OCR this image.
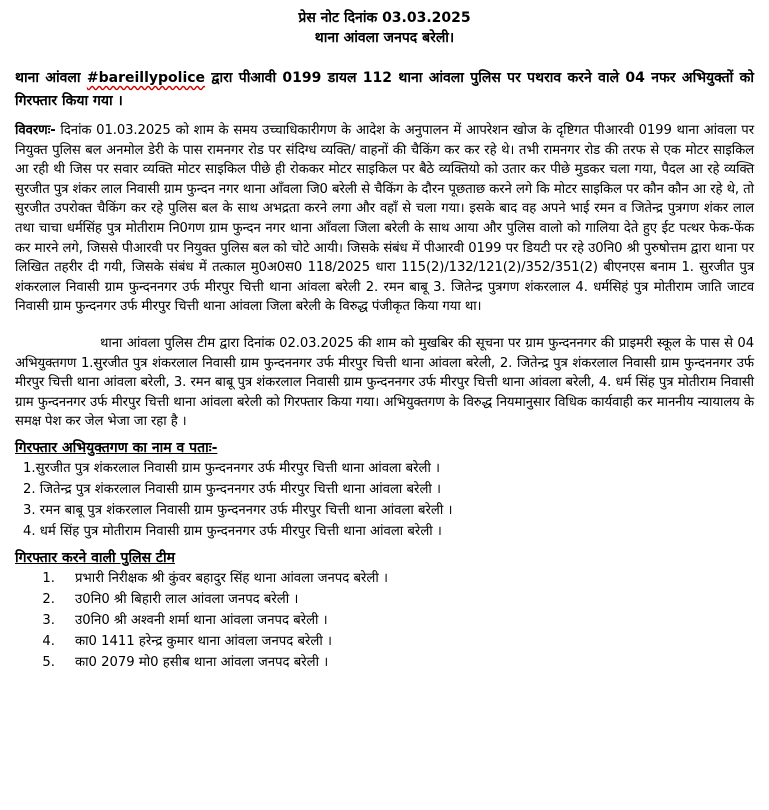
प्रेस नोट दिनांक 03.03.2025
थाना आंवला जनपद बरेली।
थाना आंवला #bareillypolice द्वारा पीआवी 0199 डायल 112 थाना आंवला पुलिस पर पथराव करने वाले 04 नफर अभियुक्तों को गिरफ्तार किया गया ।
विवरणः- दिनांक 01.03.2025 को शाम के समय उच्चाधिकारीगण के आदेश के अनुपालन में आपरेशन खोज के दृष्टिगत पीआरवी 0199 थाना आंवला पर नियुक्त पुलिस बल अनमोल डेरी के पास रामनगर रोड पर संदिग्ध व्यक्ति/ वाहनों की चैकिंग कर कर रहे थे। तभी रामनगर रोड की तरफ से एक मोटर साइकिल आ रही थी जिस पर सवार व्यक्ति मोटर साइकिल पीछे ही रोककर मोटर साइकिल पर बैठे व्यक्तियो को उतार कर पीछे मुडकर चला गया, पैदल आ रहे व्यक्ति सुरजीत पुत्र शंकर लाल निवासी ग्राम फुन्दन नगर थाना आँवला जि0 बरेली से चैकिंग के दौरन पूछताछ करने लगे कि मोटर साइकिल पर कौन कौन आ रहे थे, तो सुरजीत उपरोक्त चैकिंग कर रहे पुलिस बल के साथ अभद्रता करने लगा और वहाँ से चला गया। इसके बाद वह अपने भाई रमन व जितेन्द्र पुत्रगण शंकर लाल तथा चाचा धर्मसिंह पुत्र मोतीराम नि0गण ग्राम फुन्दन नगर थाना आँवला जिला बरेली के साथ आया और पुलिस वालो को गालिया देते हुए ईट पत्थर फेक-फेंक कर मारने लगे, जिससे पीआरवी पर नियुक्त पुलिस बल को चोटे आयी। जिसके संबंध में पीआरवी 0199 पर डियटी पर रहे उ0नि0 श्री पुरुषोत्तम द्वारा थाना पर लिखित तहरीर दी गयी, जिसके संबंध में तत्काल मु0अ0स0 118/2025 धारा 115(2)/132/121(2)/352/351(2) बीएनएस बनाम 1. सुरजीत पुत्र शंकरलाल निवासी ग्राम फुन्दननगर उर्फ मीरपुर चित्ती थाना आंवला बरेली 2. रमन बाबू 3. जितेन्द्र पुत्रगण शंकरलाल 4. धर्मसिहं पुत्र मोतीराम जाति जाटव निवासी ग्राम फुन्दनगर उर्फ मीरपुर चित्ती थाना आंवला जिला बरेली के विरुद्ध पंजीकृत किया गया था।
थाना आंवला पुलिस टीम द्वारा दिनांक 02.03.2025 की शाम को मुखबिर की सूचना पर ग्राम फुन्दननगर की प्राइमरी स्कूल के पास से 04 अभियुक्तगण 1.सुरजीत पुत्र शंकरलाल निवासी ग्राम फुन्दननगर उर्फ मीरपुर चित्ती थाना आंवला बरेली, 2. जितेन्द्र पुत्र शंकरलाल निवासी ग्राम फुन्दननगर उर्फ मीरपुर चित्ती थाना आंवला बरेली, 3. रमन बाबू पुत्र शंकरलाल निवासी ग्राम फुन्दननगर उर्फ मीरपुर चित्ती थाना आंवला बरेली, 4. धर्म सिंह पुत्र मोतीराम निवासी ग्राम फुन्दननगर उर्फ मीरपुर चित्ती थाना आंवला बरेली को गिरफ्तार किया गया। अभियुक्तगण के विरुद्ध नियमानुसार विधिक कार्यवाही कर माननीय न्यायालय के समक्ष पेश कर जेल भेजा जा रहा है ।
गिरफ्तार अभियुक्तगण का नाम व पताः-
1.सुरजीत पुत्र शंकरलाल निवासी ग्राम फुन्दननगर उर्फ मीरपुर चित्ती थाना आंवला बरेली ।
2. जितेन्द्र पुत्र शंकरलाल निवासी ग्राम फुन्दननगर उर्फ मीरपुर चित्ती थाना आंवला बरेली ।
3. रमन बाबू पुत्र शंकरलाल निवासी ग्राम फुन्दननगर उर्फ मीरपुर चित्ती थाना आंवला बरेली ।
4. धर्म सिंह पुत्र मोतीराम निवासी ग्राम फुन्दननगर उर्फ मीरपुर चित्ती थाना आंवला बरेली ।
गिरफ्तार करने वाली पुलिस टीम
1. प्रभारी निरीक्षक श्री कुंवर बहादुर सिंह थाना आंवला जनपद बरेली ।
2. उ0नि0 श्री बिहारी लाल आंवला जनपद बरेली ।
3. उ0नि0 श्री अश्वनी शर्मा थाना आंवला जनपद बरेली ।
4. का0 1411 हरेन्द्र कुमार थाना आंवला जनपद बरेली ।
5. का0 2079 मो0 हसीब थाना आंवला जनपद बरेली ।
